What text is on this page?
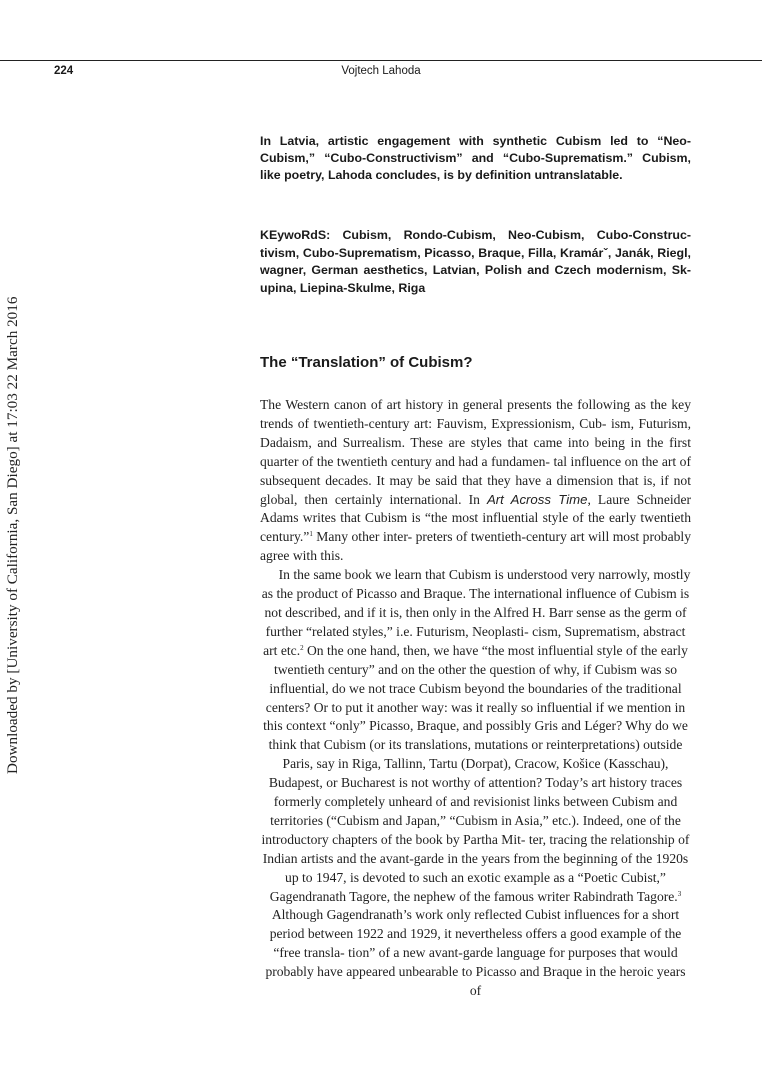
224	Vojtech Lahoda
Downloaded by [University of California, San Diego] at 17:03 22 March 2016

In Latvia, artistic engagement with synthetic Cubism led to “Neo-Cubism,” “Cubo-Constructivism” and “Cubo-Suprematism.” Cubism, like poetry, Lahoda concludes, is by definition untranslatable.

KEywoRdS: Cubism, Rondo-Cubism, Neo-Cubism, Cubo-Construc- tivism, Cubo-Suprematism, Picasso, Braque, Filla, Kramárˇ, Janák, Riegl, wagner, German aesthetics, Latvian, Polish and Czech modernism, Sk- upina, Liepina-Skulme, Riga

The “Translation” of Cubism?

The Western canon of art history in general presents the following as the key trends of twentieth-century art: Fauvism, Expressionism, Cub- ism, Futurism, Dadaism, and Surrealism. These are styles that came into being in the first quarter of the twentieth century and had a fundamen- tal influence on the art of subsequent decades. It may be said that they have a dimension that is, if not global, then certainly international. In Art Across Time, Laure Schneider Adams writes that Cubism is “the most influential style of the early twentieth century.”$^1$ Many other inter- preters of twentieth-century art will most probably agree with this.

In the same book we learn that Cubism is understood very narrowly, mostly as the product of Picasso and Braque. The international influence of Cubism is not described, and if it is, then only in the Alfred H. Barr sense as the germ of further “related styles,” i.e. Futurism, Neoplasti- cism, Suprematism, abstract art etc.$^2$ On the one hand, then, we have “the most influential style of the early twentieth century” and on the other the question of why, if Cubism was so influential, do we not trace Cubism beyond the boundaries of the traditional centers? Or to put it another way: was it really so influential if we mention in this context “only” Picasso, Braque, and possibly Gris and Léger? Why do we think that Cubism (or its translations, mutations or reinterpretations) outside Paris, say in Riga, Tallinn, Tartu (Dorpat), Cracow, Košice (Kasschau), Budapest, or Bucharest is not worthy of attention? Today’s art history traces formerly completely unheard of and revisionist links between Cubism and territories (“Cubism and Japan,” “Cubism in Asia,” etc.). Indeed, one of the introductory chapters of the book by Partha Mit- ter, tracing the relationship of Indian artists and the avant-garde in the years from the beginning of the 1920s up to 1947, is devoted to such an exotic example as a “Poetic Cubist,” Gagendranath Tagore, the nephew of the famous writer Rabindrath Tagore.$^3$ Although Gagendranath’s work only reflected Cubist influences for a short period between 1922 and 1929, it nevertheless offers a good example of the “free transla- tion” of a new avant-garde language for purposes that would probably have appeared unbearable to Picasso and Braque in the heroic years of
